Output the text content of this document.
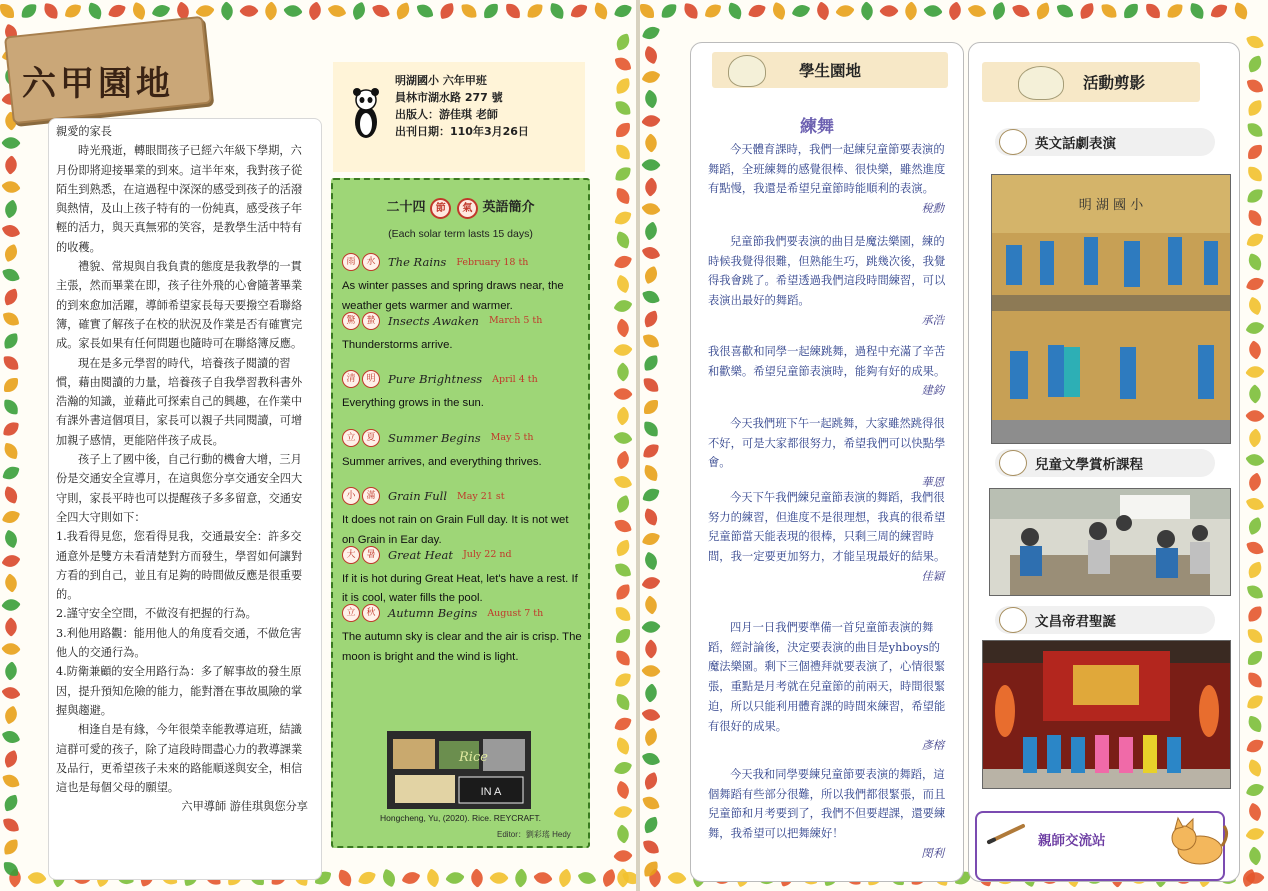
六甲園地

親愛的家長

時光飛逝，轉眼間孩子已經六年級下學期，六月份即將迎接畢業的到來。這半年來，我對孩子從陌生到熟悉，在這過程中深深的感受到孩子的活潑與熱情，及山上孩子特有的一份純真，感受孩子年輕的活力，與天真無邪的笑容，是教學生活中特有的收穫。

禮貌、常規與自我負責的態度是我教學的一貫主張，然而畢業在即，孩子往外飛的心會隨著畢業的到來愈加活躍，導師希望家長每天要撥空看聯絡簿，確實了解孩子在校的狀況及作業是否有確實完成。家長如果有任何問題也隨時可在聯絡簿反應。

現在是多元學習的時代，培養孩子閱讀的習慣，藉由閱讀的力量，培養孩子自我學習教科書外浩瀚的知識，並藉此可探索自己的興趣，在作業中有課外書這個項目，家長可以親子共同閱讀，可增加親子感情，更能陪伴孩子成長。

孩子上了國中後，自己行動的機會大增，三月份是交通安全宣導月，在這與您分享交通安全四大守則，家長平時也可以提醒孩子多多留意，交通安全四大守則如下：

1.我看得見您，您看得見我，交通最安全：許多交通意外是雙方未看清楚對方而發生，學習如何讓對方看的到自己，並且有足夠的時間做反應是很重要的。

2.謹守安全空間，不做沒有把握的行為。

3.利他用路觀：能用他人的角度看交通，不做危害他人的交通行為。

4.防衛兼顧的安全用路行為：多了解事故的發生原因，提升預知危險的能力，能對潛在事故風險的掌握與趨避。

相逢自是有緣，今年很榮幸能教導這班，結識這群可愛的孩子，除了這段時間盡心力的教導課業及品行，更希望孩子未來的路能順遂與安全，相信這也是每個父母的願望。

六甲導師 游佳琪與您分享

明湖國小 六年甲班
員林市湖水路 277 號
出版人：游佳琪 老師
出刊日期：110年3月26日
二十四 節 氣 英語簡介
(Each solar term lasts 15 days)
雨	水	The Rains February 18 th
As winter passes and spring draws near, the weather gets warmer and warmer.
驚	蟄	Insects Awaken March 5 th
Thunderstorms arrive.
清	明	Pure Brightness April 4 th
Everything grows in the sun.
立	夏	Summer Begins May 5 th
Summer arrives, and everything thrives.
小	滿	Grain Full May 21 st
It does not rain on Grain Full day. It is not wet on Grain in Ear day.
大	暑	Great Heat July 22 nd
If it is hot during Great Heat, let's have a rest. If it is cool, water fills the pool.
立	秋	Autumn Begins August 7 th
The autumn sky is clear and the air is crisp. The moon is bright and the wind is light.
IN A
Rice
Hongcheng, Yu, (2020). Rice. REYCRAFT.
Editor：劉彩瑤 Hedy
學生園地
練舞

今天體育課時，我們一起練兒童節要表演的舞蹈，全班練舞的感覺很棒、很快樂，雖然進度有點慢，我還是希望兒童節時能順利的表演。

稅勳

兒童節我們要表演的曲目是魔法樂園，練的時候我覺得很難，但熟能生巧，跳幾次後，我覺得我會跳了。希望透過我們這段時間練習，可以表演出最好的舞蹈。

承浩

我很喜歡和同學一起練跳舞，過程中充滿了辛苦和歡樂。希望兒童節表演時，能夠有好的成果。

建鈞

今天我們班下午一起跳舞，大家雖然跳得很不好，可是大家都很努力，希望我們可以快點學會。

華恩

今天下午我們練兒童節表演的舞蹈，我們很努力的練習，但進度不是很理想，我真的很希望兒童節當天能表現的很棒，只剩三周的練習時間，我一定要更加努力，才能呈現最好的結果。

佳穎

四月一日我們要準備一首兒童節表演的舞蹈，經討論後，決定要表演的曲目是yhboys的魔法樂園。剩下三個禮拜就要表演了，心情很緊張，重點是月考就在兒童節的前兩天，時間很緊迫，所以只能利用體育課的時間來練習，希望能有很好的成果。

彥榕

今天我和同學要練兒童節要表演的舞蹈，這個舞蹈有些部分很難，所以我們都很緊張，而且兒童節和月考要到了，我們不但要趕課，還要練舞，我希望可以把舞練好！

閔利
活動剪影
英文話劇表演
明 湖 國 小
兒童文學賞析課程
文昌帝君聖誕
親師交流站
